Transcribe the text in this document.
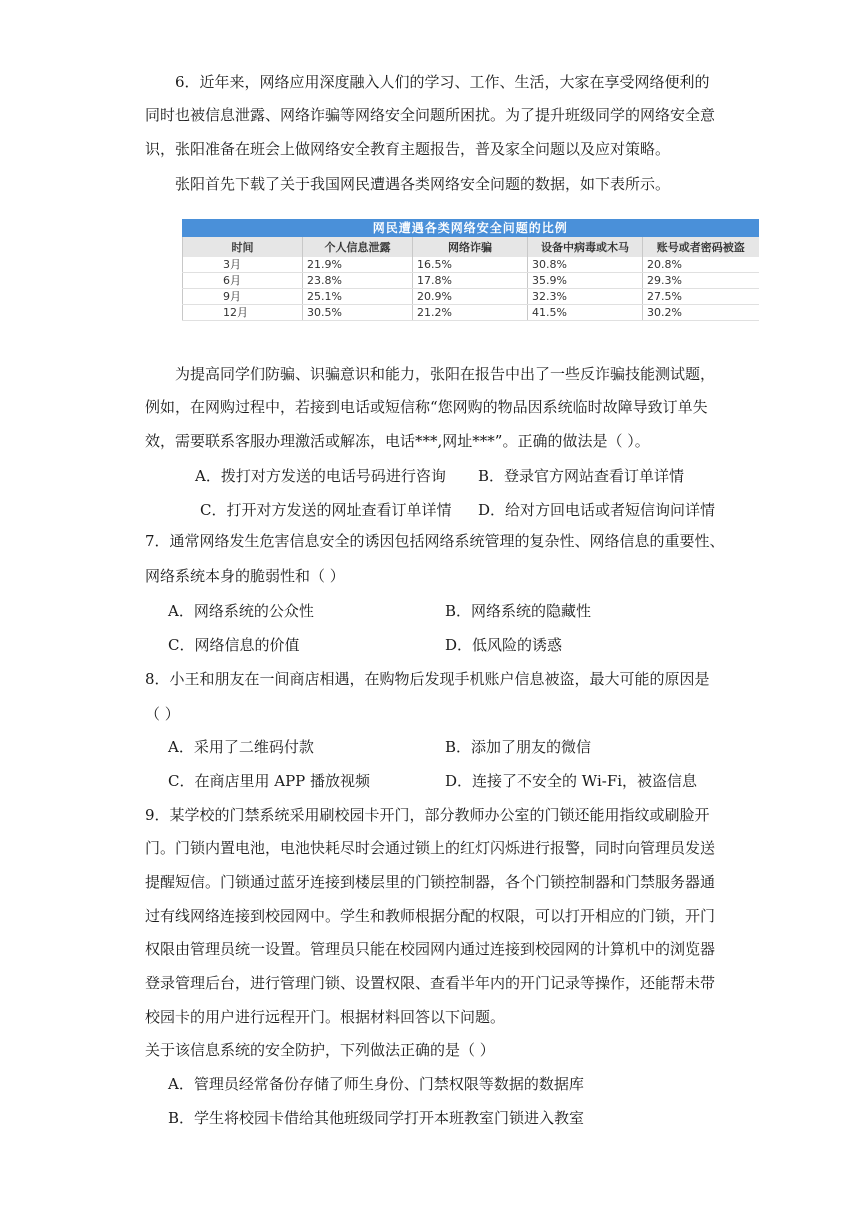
6．近年来，网络应用深度融入人们的学习、工作、生活，大家在享受网络便利的
同时也被信息泄露、网络诈骗等网络安全问题所困扰。为了提升班级同学的网络安全意
识，张阳准备在班会上做网络安全教育主题报告，普及家全问题以及应对策略。
张阳首先下载了关于我国网民遭遇各类网络安全问题的数据，如下表所示。
网民遭遇各类网络安全问题的比例
时间	个人信息泄露	网络诈骗	设备中病毒或木马	账号或者密码被盗
3月	21.9%	16.5%	30.8%	20.8%
6月	23.8%	17.8%	35.9%	29.3%
9月	25.1%	20.9%	32.3%	27.5%
12月	30.5%	21.2%	41.5%	30.2%
为提高同学们防骗、识骗意识和能力，张阳在报告中出了一些反诈骗技能测试题，
例如，在网购过程中，若接到电话或短信称“您网购的物品因系统临时故障导致订单失
效，需要联系客服办理激活或解冻，电话***,网址***”。正确的做法是（ ）。
A．拨打对方发送的电话号码进行咨询 B．登录官方网站查看订单详情
C．打开对方发送的网址查看订单详情 D．给对方回电话或者短信询问详情
7．通常网络发生危害信息安全的诱因包括网络系统管理的复杂性、网络信息的重要性、
网络系统本身的脆弱性和（ ）
A．网络系统的公众性	B．网络系统的隐藏性
C．网络信息的价值	D．低风险的诱惑
8．小王和朋友在一间商店相遇，在购物后发现手机账户信息被盗，最大可能的原因是
（ ）
A．采用了二维码付款	B．添加了朋友的微信
C．在商店里用 APP 播放视频	D．连接了不安全的 Wi-Fi，被盗信息
9．某学校的门禁系统采用刷校园卡开门，部分教师办公室的门锁还能用指纹或刷脸开
门。门锁内置电池，电池快耗尽时会通过锁上的红灯闪烁进行报警，同时向管理员发送
提醒短信。门锁通过蓝牙连接到楼层里的门锁控制器，各个门锁控制器和门禁服务器通
过有线网络连接到校园网中。学生和教师根据分配的权限，可以打开相应的门锁，开门
权限由管理员统一设置。管理员只能在校园网内通过连接到校园网的计算机中的浏览器
登录管理后台，进行管理门锁、设置权限、查看半年内的开门记录等操作，还能帮未带
校园卡的用户进行远程开门。根据材料回答以下问题。
关于该信息系统的安全防护，下列做法正确的是（ ）
A．管理员经常备份存储了师生身份、门禁权限等数据的数据库
B．学生将校园卡借给其他班级同学打开本班教室门锁进入教室
